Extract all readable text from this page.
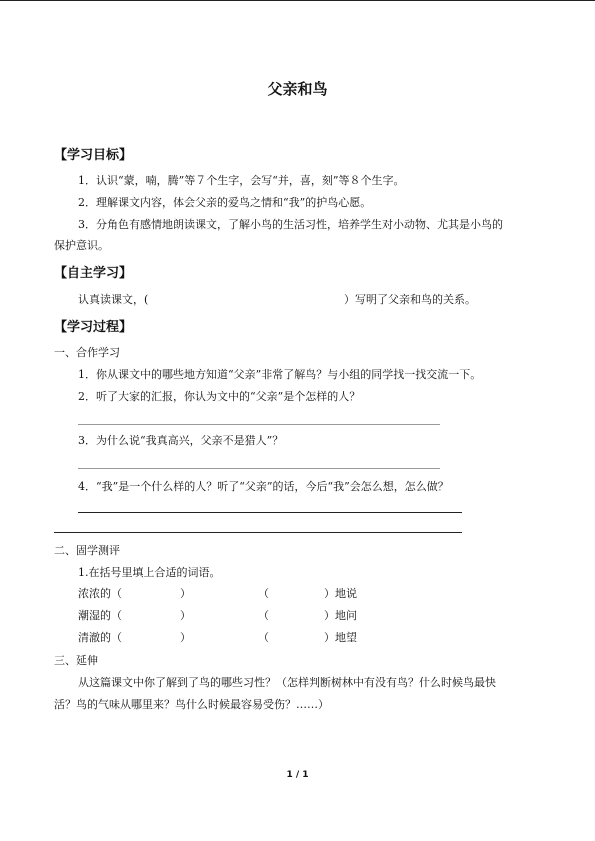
父亲和鸟
【学习目标】
1．认识“蒙，喃，腾”等７个生字，会写“并，喜，刻”等８个生字。
2．理解课文内容，体会父亲的爱鸟之情和“我”的护鸟心愿。
3．分角色有感情地朗读课文，了解小鸟的生活习性，培养学生对小动物、尤其是小鸟的
保护意识。
【自主学习】
认真读课文，(	）写明了父亲和鸟的关系。
【学习过程】
一、合作学习
1．你从课文中的哪些地方知道“父亲”非常了解鸟？与小组的同学找一找交流一下。
2．听了大家的汇报，你认为文中的“父亲”是个怎样的人？
3．为什么说“我真高兴，父亲不是猎人”？
4．“我”是一个什么样的人？听了“父亲”的话，今后“我”会怎么想，怎么做？
二、固学测评
1.在括号里填上合适的词语。
浓浓的（	）	（	）地说
潮湿的（	）	（	）地问
清澈的（	）	（	）地望
三、延伸
从这篇课文中你了解到了鸟的哪些习性？（怎样判断树林中有没有鸟？什么时候鸟最快
活？鸟的气味从哪里来？鸟什么时候最容易受伤？……）
1 / 1
